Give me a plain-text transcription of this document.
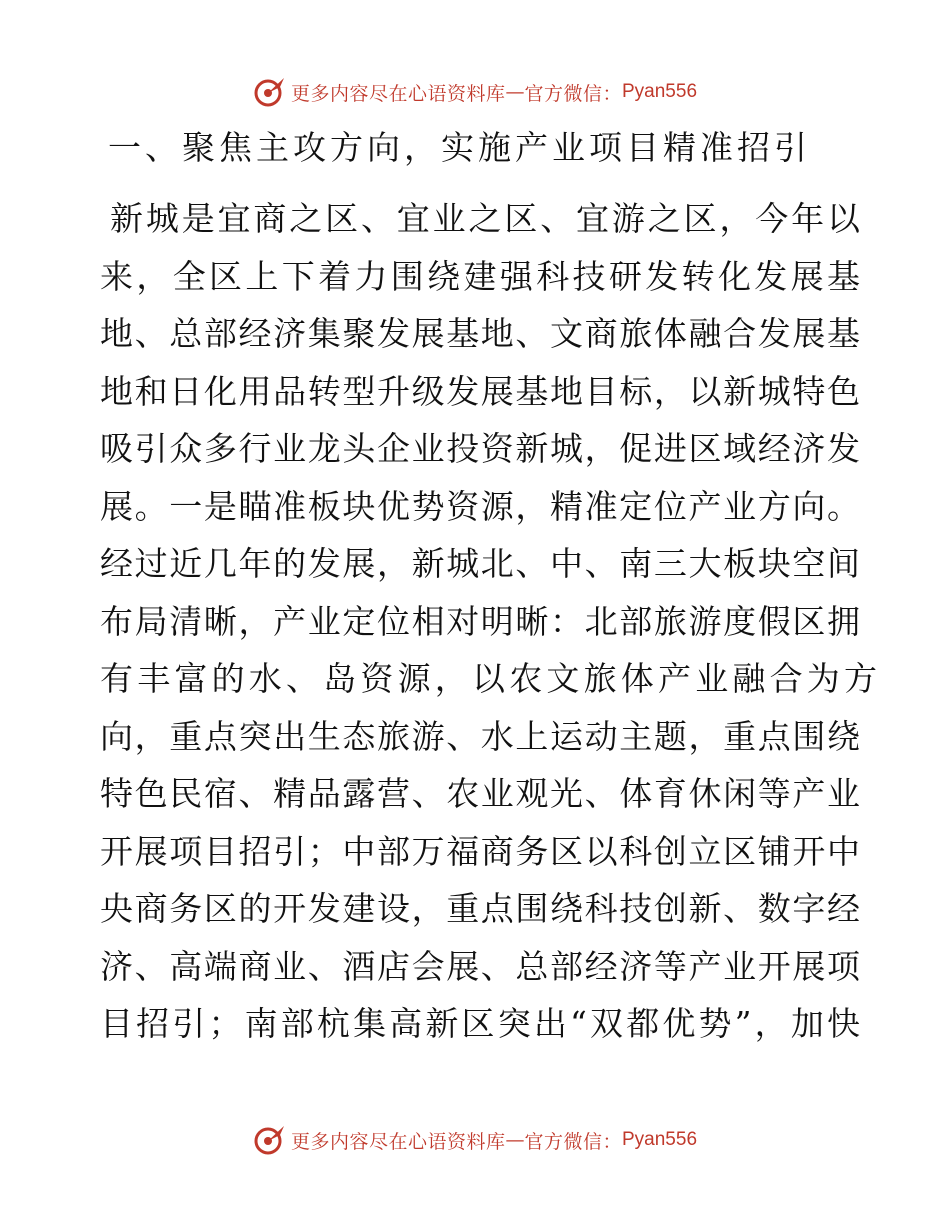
更多内容尽在心语资料库 — 官方微信： Pyan556
一、聚焦主攻方向，实施产业项目精准招引
新城是宜商之区、宜业之区、宜游之区，今年以
来，全区上下着力围绕建强科技研发转化发展基
地、总部经济集聚发展基地、文商旅体融合发展基
地和日化用品转型升级发展基地目标，以新城特色
吸引众多行业龙头企业投资新城，促进区域经济发
展。一是瞄准板块优势资源，精准定位产业方向。
经过近几年的发展，新城北、中、南三大板块空间
布局清晰，产业定位相对明晰：北部旅游度假区拥
有丰富的水、岛资源，以农文旅体产业融合为方
向，重点突出生态旅游、水上运动主题，重点围绕
特色民宿、精品露营、农业观光、体育休闲等产业
开展项目招引；中部万福商务区以科创立区铺开中
央商务区的开发建设，重点围绕科技创新、数字经
济、高端商业、酒店会展、总部经济等产业开展项
目招引；南部杭集高新区突出“双都优势”，加快
更多内容尽在心语资料库 — 官方微信： Pyan556
